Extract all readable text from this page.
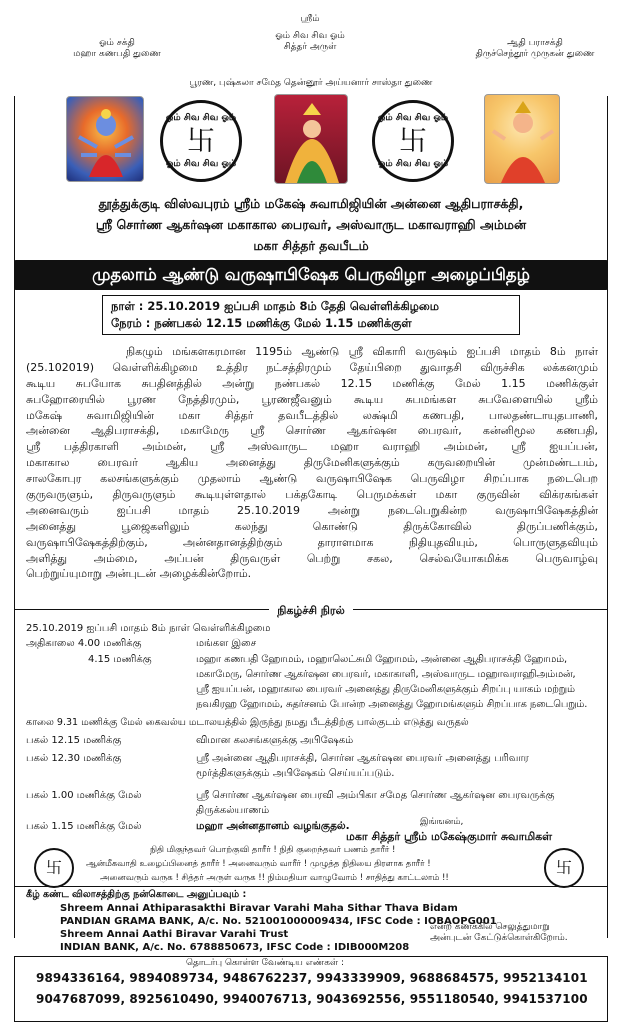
ஓம் சக்தி
மஹா கணபதி துணை
ஸ்ரீம்
ஓம் சிவ சிவ ஓம்
சித்தர் அருள்	ஆதி பராசக்தி
திருச்செந்தூர் முருகன் துணை
பூரண, புஷ்கலா சமேத தென்னூர் அய்யனார் சாஸ்தா துணை
ஓம் சிவ சிவ ஓம்
卐
ஓம் சிவ சிவ ஓம்
ஓம் சிவ சிவ ஓம்
卐
ஓம் சிவ சிவ ஓம்
தூத்துக்குடி விஸ்வபுரம் ஸ்ரீம் மகேஷ் சுவாமிஜியின் அன்னை ஆதிபராசக்தி,
ஸ்ரீ சொர்ண ஆகர்ஷன மகாகால பைரவர், அஸ்வாருட மகாவராஹி அம்மன்
மகா சித்தர் தவபீடம்
முதலாம் ஆண்டு வருஷாபிஷேக பெருவிழா அழைப்பிதழ்
நாள் : 25.10.2019 ஐப்பசி மாதம் 8ம் தேதி வெள்ளிக்கிழமை
நேரம் : நண்பகல் 12.15 மணிக்கு மேல் 1.15 மணிக்குள்
நிகழும் மங்களகரமான 1195ம் ஆண்டு ஸ்ரீ விகாரி வருஷம் ஐப்பசி மாதம் 8ம் நாள்
(25.102019) வெள்ளிக்கிழமை உத்திர நட்சத்திரமும் தேய்பிறை துவாதசி விருச்சிக லக்கனமும்
கூடிய சுபயோக சுபதினத்தில் அன்று நண்பகல் 12.15 மணிக்கு மேல் 1.15 மணிக்குள்
சுபஹோரையில் பூரண நேத்திரமும், பூரணஜீவனும் கூடிய சுபமங்கள சுபவேளையில் ஸ்ரீம்
மகேஷ் சுவாமிஜியின் மகா சித்தர் தவபீடத்தில் லக்ஷ்மி கணபதி, பாலதண்டாயுதபாணி,
அன்னை ஆதிபராசக்தி, மகாமேரு ஸ்ரீ சொர்ண ஆகர்ஷன பைரவர், கன்னிமூல கணபதி,
ஸ்ரீ பத்திரகாளி அம்மன், ஸ்ரீ அஸ்வாருட மஹா வராஹி அம்மன், ஸ்ரீ ஐயப்பன்,
மகாகால பைரவர் ஆகிய அனைத்து திருமேனிகளுக்கும் கருவறையின் முன்மண்டபம்,
சாலகோபுர கலசங்களுக்கும் முதலாம் ஆண்டு வருஷாபிஷேக பெருவிழா சிறப்பாக நடைபெற
குருவருளும், திருவருளும் கூடியுள்ளதால் பக்தகோடி பெருமக்கள் மகா குருவின் விக்ரகங்கள்
அனைவரும் ஐப்பசி மாதம் 25.10.2019 அன்று நடைபெறுகின்ற வருஷாபிஷேகத்தின்
அனைத்து பூஜைகளிலும் கலந்து கொண்டு திருக்கோவில் திருப்பணிக்கும்,
வருஷாபிஷேகத்திற்கும், அன்னதானத்திற்கும் தாராளமாக நிதியுதவியும், பொருளுதவியும்
அளித்து அம்மை, அப்பன் திருவருள் பெற்று சகல, செல்வயோகமிக்க பெருவாழ்வு
பெற்றுய்யுமாறு அன்புடன் அழைக்கின்றோம்.
நிகழ்ச்சி நிரல்
25.10.2019 ஐப்பசி மாதம் 8ம் நாள் வெள்ளிக்கிழமை
அதிகாலை 4.00 மணிக்கு	மங்கள இசை
4.15 மணிக்கு	மஹா கணபதி ஹோமம், மஹாலெட்சுமி ஹோமம், அன்னை ஆதிபராசக்தி ஹோமம்,
மகாமேரு, சொர்ண ஆகர்ஷன பைரவர், மகாகாளி, அஸ்வாருட மஹாவராஹிஅம்மன்,
ஸ்ரீ ஐயப்பன், மஹாகால பைரவர் அனைத்து திருமேனிகளுக்கும் சிறப்பு யாகம் மற்றும்
நவகிரஹ ஹோமம், சுதர்சனம் போன்ற அனைத்து ஹோமங்களும் சிறப்பாக நடைபெறும்.
காலை 9.31 மணிக்கு மேல் கைவல்ய மடாலயத்தில் இருந்து நமது பீடத்திற்கு பால்குடம் எடுத்து வருதல்
பகல் 12.15 மணிக்கு	விமான கலசங்களுக்கு அபிஷேகம்
பகல் 12.30 மணிக்கு	ஸ்ரீ அன்னை ஆதிபராசக்தி, சொர்ன ஆகர்ஷன பைரவர் அனைத்து பரிவார
மூர்த்திகளுக்கும் அபிஷேகம் செய்யப்படும்.
பகல் 1.00 மணிக்கு மேல்	ஸ்ரீ சொர்ண ஆகர்ஷன பைரவி அம்பிகா சமேத சொர்ண ஆகர்ஷன பைரவருக்கு
திருக்கல்யாணம்
பகல் 1.15 மணிக்கு மேல்	மஹா அன்னதானம் வழங்குதல்.	இங்ஙனம்,
மகா சித்தர் ஸ்ரீம் மகேஷ்குமார் சுவாமிகள்
卐	卐
நிதி மிகுந்தவர் பொற்குவி தாரீர் ! நிதி குறைந்தவர் பணம் தாரீர் !
ஆன்மீகவாதி உழைப்பினைத் தாரீர் ! அனைவரும் வாரீர் ! முழுத்த நிதியை திரளாக தாரீர் !
அனைவரும் வருக ! சித்தர் அருள் வருக !! நிம்மதியா வாழுவோம் ! சாதித்து காட்டலாம் !!
கீழ் கண்ட விலாசத்திற்கு நன்கொடை அனுப்பவும் :
Shreem Annai Athiparasakthi Biravar Varahi Maha Sithar Thava Bidam
PANDIAN GRAMA BANK, A/c. No. 521001000009434, IFSC Code : IOBAOPG001
Shreem Annai Aathi Biravar Varahi Trust
INDIAN BANK, A/c. No. 6788850673, IFSC Code : IDIB000M208
என்ற கணக்கில் செலுத்துமாறு
அன்புடன் கேட்டுக்கொள்கிறோம்.
தொடர்பு கொள்ள வேண்டிய எண்கள் :
9894336164, 9894089734, 9486762237, 9943339909, 9688684575, 9952134101
9047687099, 8925610490, 9940076713, 9043692556, 9551180540, 9941537100
